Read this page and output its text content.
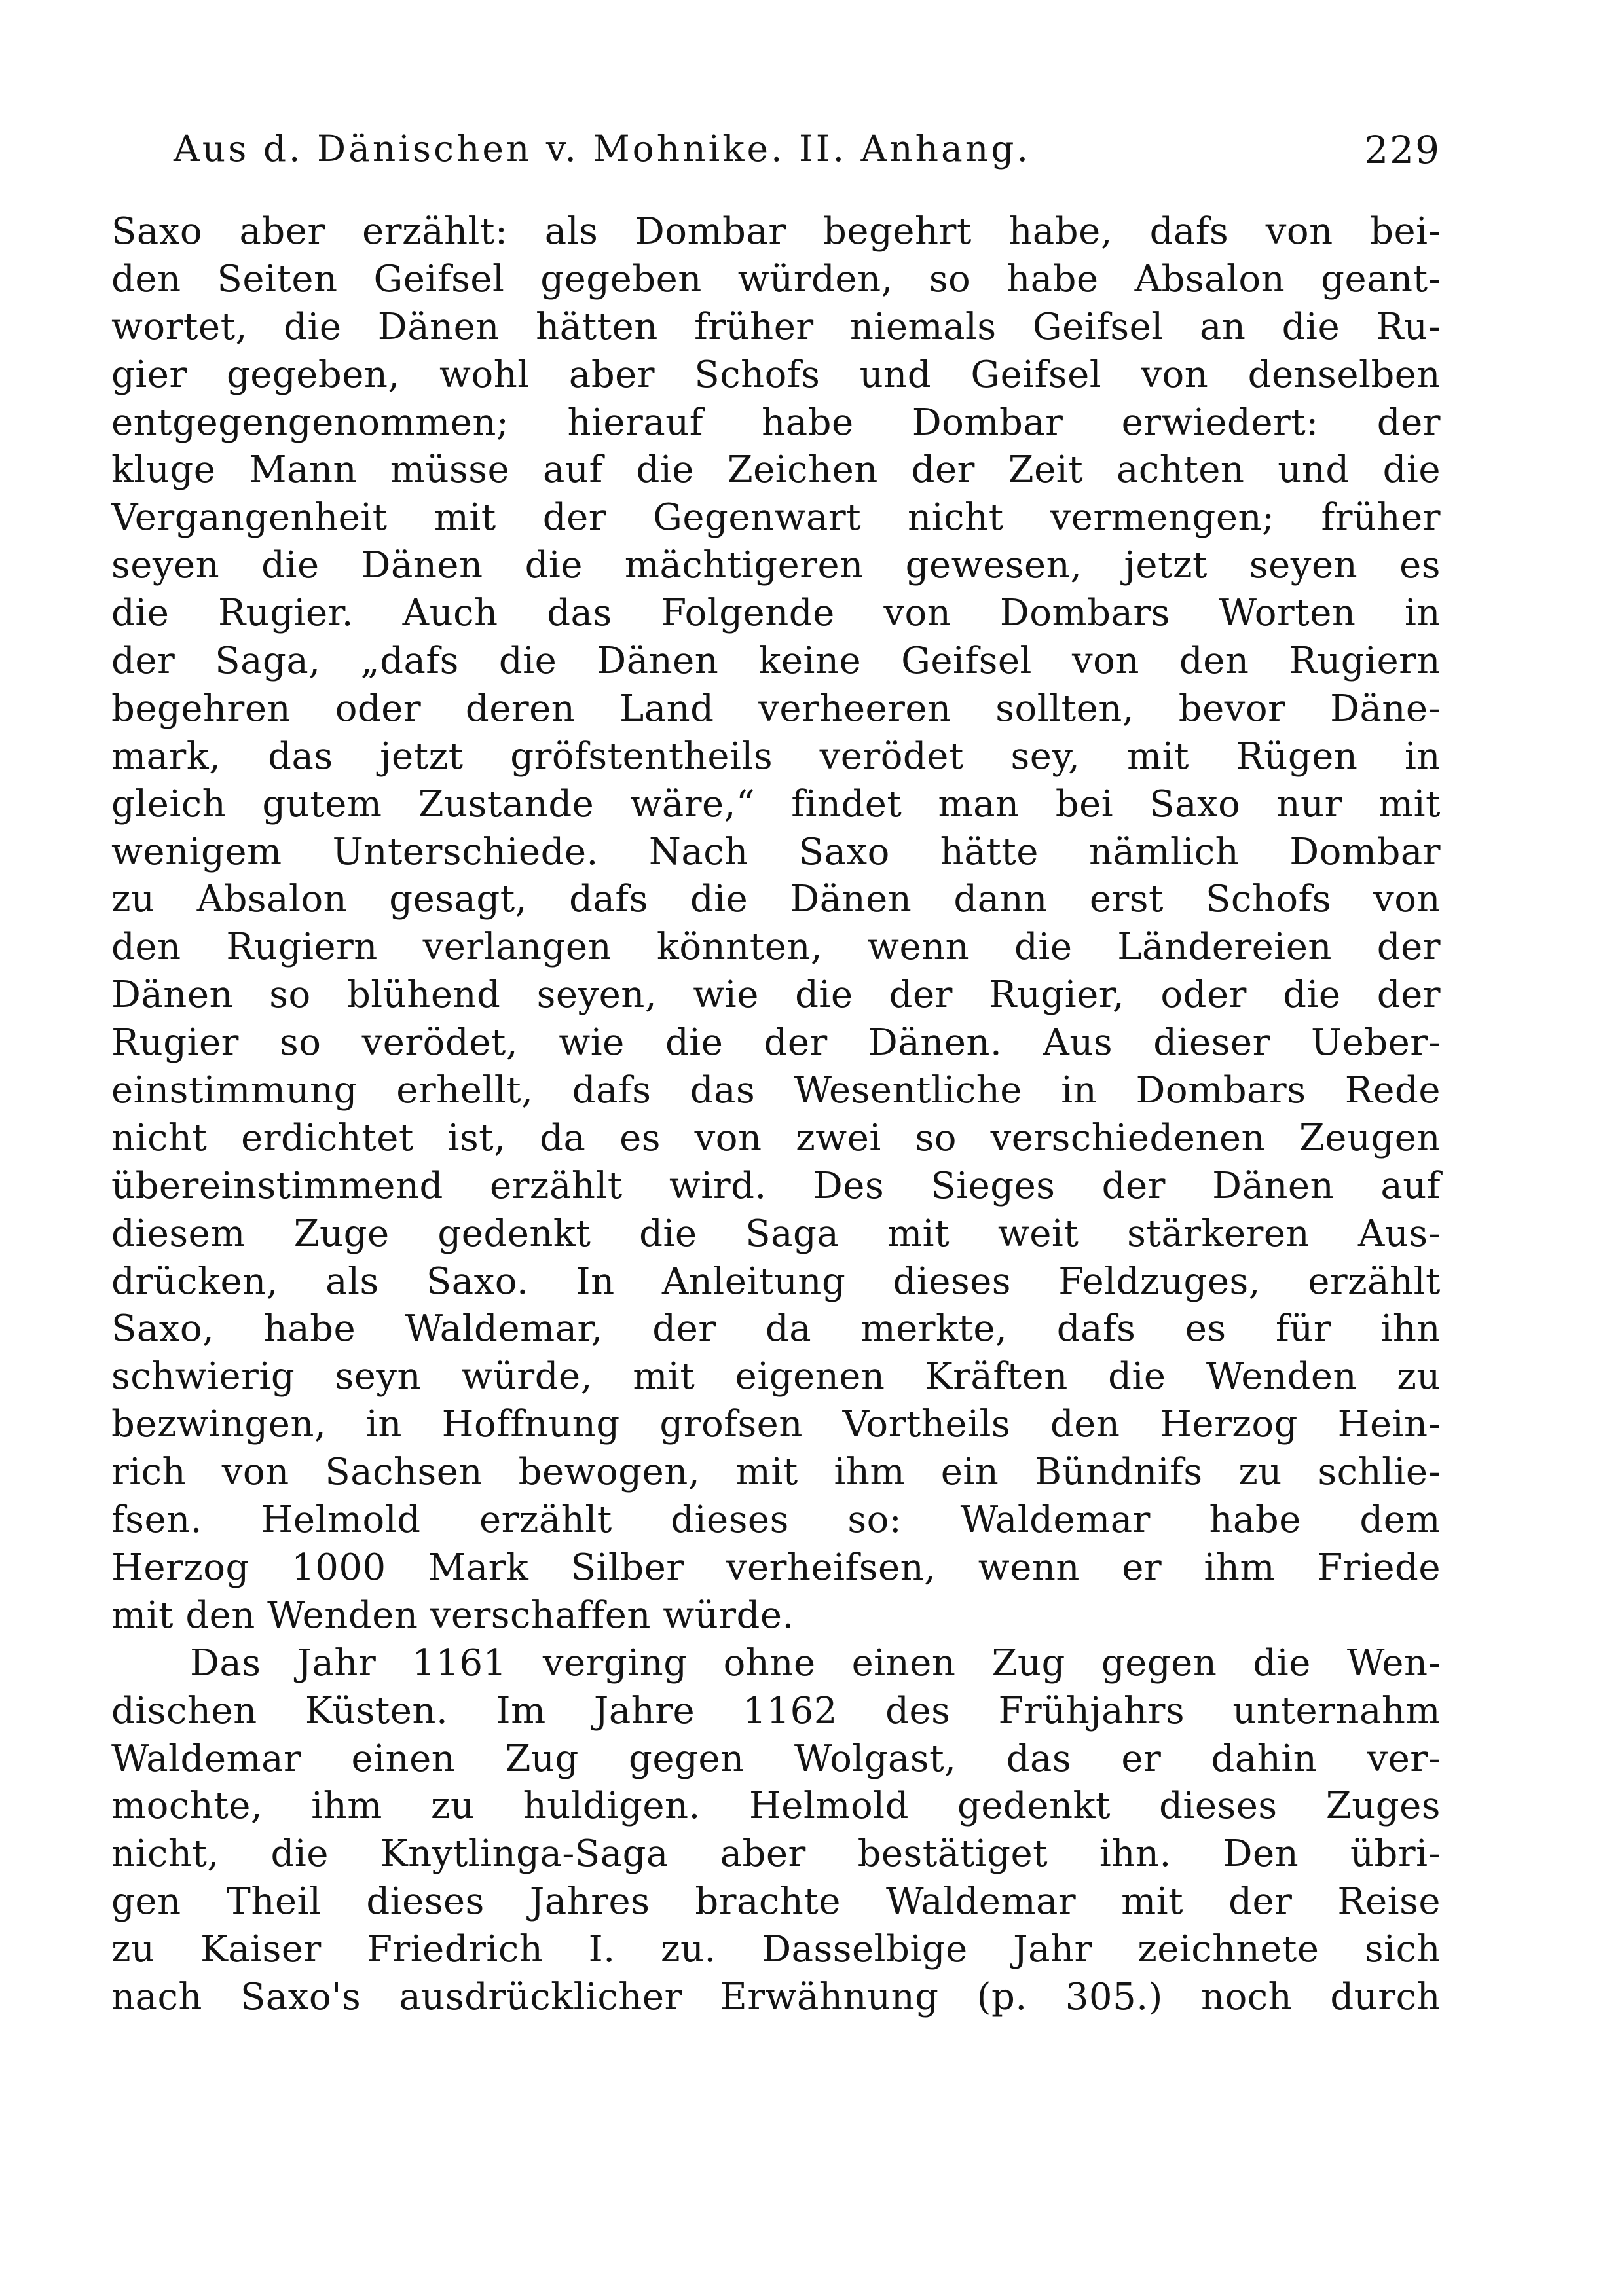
Aus d. Dänischen v. Mohnike. II. Anhang.	229
Saxo aber erzählt: als Dombar begehrt habe, dafs von bei-
den Seiten Geifsel gegeben würden, so habe Absalon geant-
wortet, die Dänen hätten früher niemals Geifsel an die Ru-
gier gegeben, wohl aber Schofs und Geifsel von denselben
entgegengenommen; hierauf habe Dombar erwiedert: der
kluge Mann müsse auf die Zeichen der Zeit achten und die
Vergangenheit mit der Gegenwart nicht vermengen; früher
seyen die Dänen die mächtigeren gewesen, jetzt seyen es
die Rugier. Auch das Folgende von Dombars Worten in
der Saga, „dafs die Dänen keine Geifsel von den Rugiern
begehren oder deren Land verheeren sollten, bevor Däne-
mark, das jetzt gröfstentheils verödet sey, mit Rügen in
gleich gutem Zustande wäre,“ findet man bei Saxo nur mit
wenigem Unterschiede. Nach Saxo hätte nämlich Dombar
zu Absalon gesagt, dafs die Dänen dann erst Schofs von
den Rugiern verlangen könnten, wenn die Ländereien der
Dänen so blühend seyen, wie die der Rugier, oder die der
Rugier so verödet, wie die der Dänen. Aus dieser Ueber-
einstimmung erhellt, dafs das Wesentliche in Dombars Rede
nicht erdichtet ist, da es von zwei so verschiedenen Zeugen
übereinstimmend erzählt wird. Des Sieges der Dänen auf
diesem Zuge gedenkt die Saga mit weit stärkeren Aus-
drücken, als Saxo. In Anleitung dieses Feldzuges, erzählt
Saxo, habe Waldemar, der da merkte, dafs es für ihn
schwierig seyn würde, mit eigenen Kräften die Wenden zu
bezwingen, in Hoffnung grofsen Vortheils den Herzog Hein-
rich von Sachsen bewogen, mit ihm ein Bündnifs zu schlie-
fsen. Helmold erzählt dieses so: Waldemar habe dem
Herzog 1000 Mark Silber verheifsen, wenn er ihm Friede
mit den Wenden verschaffen würde.
Das Jahr 1161 verging ohne einen Zug gegen die Wen-
dischen Küsten. Im Jahre 1162 des Frühjahrs unternahm
Waldemar einen Zug gegen Wolgast, das er dahin ver-
mochte, ihm zu huldigen. Helmold gedenkt dieses Zuges
nicht, die Knytlinga-Saga aber bestätiget ihn. Den übri-
gen Theil dieses Jahres brachte Waldemar mit der Reise
zu Kaiser Friedrich I. zu. Dasselbige Jahr zeichnete sich
nach Saxo's ausdrücklicher Erwähnung (p. 305.) noch durch
